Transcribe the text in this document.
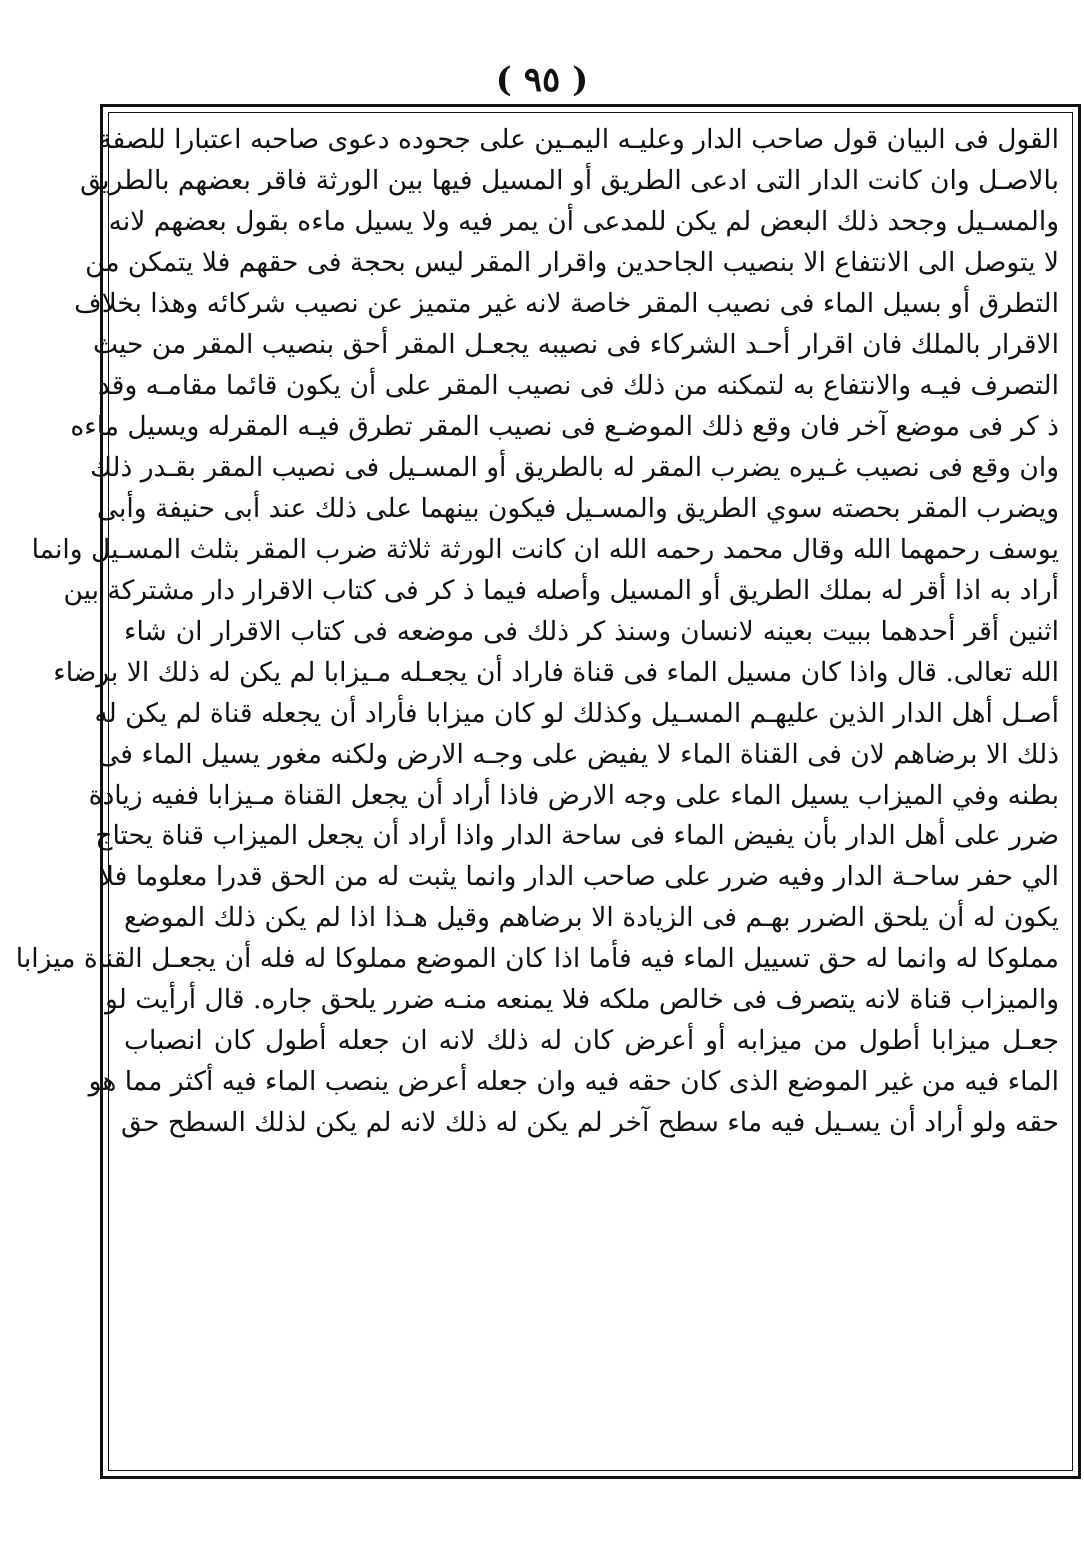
( ٩٥ )
القول فى البيان قول صاحب الدار وعليـه اليمـين على جحوده دعوى صاحبه اعتبارا للصفة
بالاصـل وان كانت الدار التى ادعى الطريق أو المسيل فيها بين الورثة فاقر بعضهم بالطريق
والمسـيل وجحد ذلك البعض لم يكن للمدعى أن يمر فيه ولا يسيل ماءه بقول بعضهم لانه
لا يتوصل الى الانتفاع الا بنصيب الجاحدين واقرار المقر ليس بحجة فى حقهم فلا يتمكن من
التطرق أو بسيل الماء فى نصيب المقر خاصة لانه غير متميز عن نصيب شركائه وهذا بخلاف
الاقرار بالملك فان اقرار أحـد الشركاء فى نصيبه يجعـل المقر أحق بنصيب المقر من حيث
التصرف فيـه والانتفاع به لتمكنه من ذلك فى نصيب المقر على أن يكون قائما مقامـه وقد
ذ كر فى موضع آخر فان وقع ذلك الموضـع فى نصيب المقر تطرق فيـه المقرله ويسيل ماءه
وان وقع فى نصيب غـيره يضرب المقر له بالطريق أو المسـيل فى نصيب المقر بقـدر ذلك
ويضرب المقر بحصته سوي الطريق والمسـيل فيكون بينهما على ذلك عند أبى حنيفة وأبى
يوسف رحمهما الله وقال محمد رحمه الله ان كانت الورثة ثلاثة ضرب المقر بثلث المسـيل وانما
أراد به اذا أقر له بملك الطريق أو المسيل وأصله فيما ذ كر فى كتاب الاقرار دار مشتركة بين
اثنين أقر أحدهما ببيت بعينه لانسان وسنذ كر ذلك فى موضعه فى كتاب الاقرار ان شاء
الله تعالى. قال واذا كان مسيل الماء فى قناة فاراد أن يجعـله مـيزابا لم يكن له ذلك الا برضاء
أصـل أهل الدار الذين عليهـم المسـيل وكذلك لو كان ميزابا فأراد أن يجعله قناة لم يكن له
ذلك الا برضاهم لان فى القناة الماء لا يفيض على وجـه الارض ولكنه مغور يسيل الماء فى
بطنه وفي الميزاب يسيل الماء على وجه الارض فاذا أراد أن يجعل القناة مـيزابا ففيه زيادة
ضرر على أهل الدار بأن يفيض الماء فى ساحة الدار واذا أراد أن يجعل الميزاب قناة يحتاج
الي حفر ساحـة الدار وفيه ضرر على صاحب الدار وانما يثبت له من الحق قدرا معلوما فلا
يكون له أن يلحق الضرر بهـم فى الزيادة الا برضاهم وقيل هـذا اذا لم يكن ذلك الموضع
مملوكا له وانما له حق تسييل الماء فيه فأما اذا كان الموضع مملوكا له فله أن يجعـل القناة ميزابا
والميزاب قناة لانه يتصرف فى خالص ملكه فلا يمنعه منـه ضرر يلحق جاره. قال أرأيت لو
جعـل ميزابا أطول من ميزابه أو أعرض كان له ذلك لانه ان جعله أطول كان انصباب
الماء فيه من غير الموضع الذى كان حقه فيه وان جعله أعرض ينصب الماء فيه أكثر مما هو
حقه ولو أراد أن يسـيل فيه ماء سطح آخر لم يكن له ذلك لانه لم يكن لذلك السطح حق
